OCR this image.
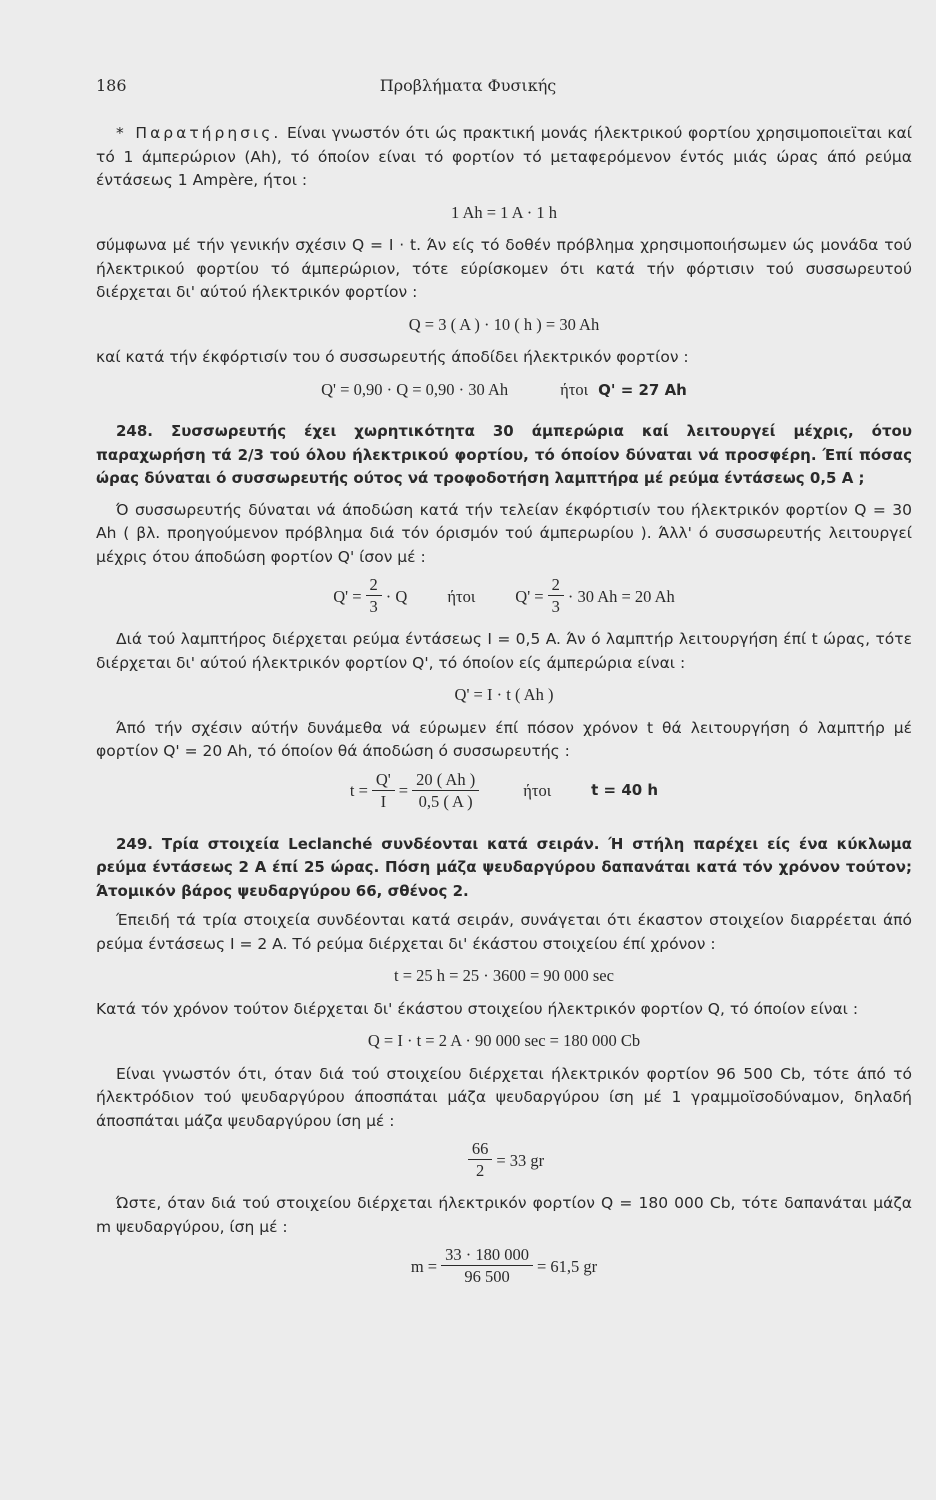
186	Προβλήματα Φυσικής

* Παρατήρησις. Είναι γνωστόν ότι ώς πρακτική μονάς ήλεκτρικού φορτίου χρησιμοποιεϊται καί τό 1 άμπερώριον (Ah), τό όποίον είναι τό φορτίον τό μεταφερόμενον έντός μιάς ώρας άπό ρεύμα έντάσεως 1 Ampère, ήτοι :

1 Ah = 1 A · 1 h

σύμφωνα μέ τήν γενικήν σχέσιν Q = I · t. Άν είς τό δοθέν πρόβλημα χρησιμοποιήσωμεν ώς μονάδα τού ήλεκτρικού φορτίου τό άμπερώριον, τότε εύρίσκομεν ότι κατά τήν φόρτισιν τού συσσωρευτού διέρχεται δι' αύτού ήλεκτρικόν φορτίον :

Q = 3 ( A ) · 10 ( h ) = 30 Ah

καί κατά τήν έκφόρτισίν του ό συσσωρευτής άποδίδει ήλεκτρικόν φορτίον :

Q' = 0,90 · Q = 0,90 · 30 Ah	ήτοι Q' = 27 Ah

248. Συσσωρευτής έχει χωρητικότητα 30 άμπερώρια καί λειτουργεί μέχρις, ότου παραχωρήση τά 2/3 τού όλου ήλεκτρικού φορτίου, τό όποίον δύναται νά προσφέρη. Έπί πόσας ώρας δύναται ό συσσωρευτής ούτος νά τροφοδοτήση λαμπτήρα μέ ρεύμα έντάσεως 0,5 A ;

Ό συσσωρευτής δύναται νά άποδώση κατά τήν τελείαν έκφόρτισίν του ήλεκτρικόν φορτίον Q = 30 Ah ( βλ. προηγούμενον πρόβλημα διά τόν όρισμόν τού άμπερωρίου ). Άλλ' ό συσσωρευτής λειτουργεί μέχρις ότου άποδώση φορτίον Q' ίσον μέ :

$Q' = \frac{2}{3} \cdot Q$ ήτοι $Q' = \frac{2}{3} \cdot 30$ Ah = 20 Ah

Διά τού λαμπτήρος διέρχεται ρεύμα έντάσεως I = 0,5 A. Άν ό λαμπτήρ λειτουργήση έπί t ώρας, τότε διέρχεται δι' αύτού ήλεκτρικόν φορτίον Q', τό όποίον είς άμπερώρια είναι :

Q' = I · t ( Ah )

Άπό τήν σχέσιν αύτήν δυνάμεθα νά εύρωμεν έπί πόσον χρόνον t θά λειτουργήση ό λαμπτήρ μέ φορτίον Q' = 20 Ah, τό όποίον θά άποδώση ό συσσωρευτής :

$t = \frac{Q'}{I} = \frac{20 ( Ah )}{0,5 ( A )}$	ήτοι	t = 40 h

249. Τρία στοιχεία Leclanché συνδέονται κατά σειράν. Ή στήλη παρέχει είς ένα κύκλωμα ρεύμα έντάσεως 2 A έπί 25 ώρας. Πόση μάζα ψευδαργύρου δαπανάται κατά τόν χρόνον τούτον; Άτομικόν βάρος ψευδαργύρου 66, σθένος 2.

Έπειδή τά τρία στοιχεία συνδέονται κατά σειράν, συνάγεται ότι έκαστον στοιχείον διαρρέεται άπό ρεύμα έντάσεως I = 2 A. Τό ρεύμα διέρχεται δι' έκάστου στοιχείου έπί χρόνον :

t = 25 h = 25 · 3600 = 90 000 sec

Κατά τόν χρόνον τούτον διέρχεται δι' έκάστου στοιχείου ήλεκτρικόν φορτίον Q, τό όποίον είναι :

Q = I · t = 2 A · 90 000 sec = 180 000 Cb

Είναι γνωστόν ότι, όταν διά τού στοιχείου διέρχεται ήλεκτρικόν φορτίον 96 500 Cb, τότε άπό τό ήλεκτρόδιον τού ψευδαργύρου άποσπάται μάζα ψευδαργύρου ίση μέ 1 γραμμοϊσοδύναμον, δηλαδή άποσπάται μάζα ψευδαργύρου ίση μέ :

$\frac{66}{2} = 33$ gr

Ώστε, όταν διά τού στοιχείου διέρχεται ήλεκτρικόν φορτίον Q = 180 000 Cb, τότε δαπανάται μάζα m ψευδαργύρου, ίση μέ :

$m = \frac{33 \cdot 180 000}{96 500} = 61,5$ gr
